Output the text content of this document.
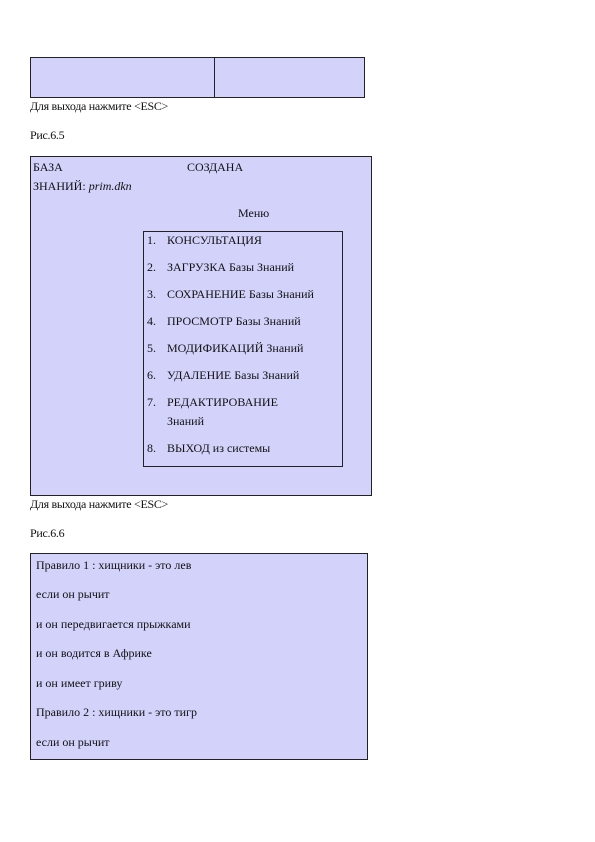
Для выхода нажмите <ESC>
Рис.6.5
БАЗА	СОЗДАНА
ЗНАНИЙ: prim.dkn
Меню
1. КОНСУЛЬТАЦИЯ
2. ЗАГРУЗКА Базы Знаний
3. СОХРАНЕНИЕ Базы Знаний
4. ПРОСМОТР Базы Знаний
5. МОДИФИКАЦИЙ Знаний
6. УДАЛЕНИЕ Базы Знаний
7. РЕДАКТИРОВАНИЕ
Знаний
8. ВЫХОД из системы
Для выхода нажмите <ESC>
Рис.6.6
Правило 1 : хищники - это лев
если он рычит
и он передвигается прыжками
и он водится в Африке
и он имеет гриву
Правило 2 : хищники - это тигр
если он рычит
